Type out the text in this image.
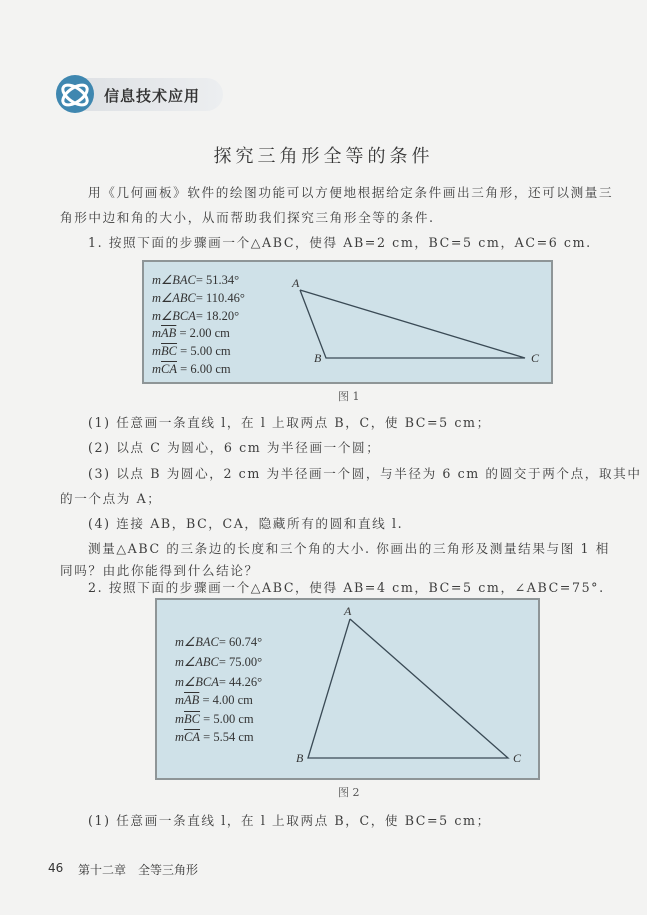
信息技术应用
探究三角形全等的条件
用《几何画板》软件的绘图功能可以方便地根据给定条件画出三角形，还可以测量三
角形中边和角的大小，从而帮助我们探究三角形全等的条件.
1. 按照下面的步骤画一个△ABC，使得 AB=2 cm，BC=5 cm，AC=6 cm.
A
B	C
m∠BAC= 51.34°
m∠ABC= 110.46°
m∠BCA= 18.20°
$m\overline{AB} = 2.00$ cm
$m\overline{BC} = 5.00$ cm
$m\overline{CA} = 6.00$ cm
图 1
(1) 任意画一条直线 l，在 l 上取两点 B，C，使 BC=5 cm；
(2) 以点 C 为圆心，6 cm 为半径画一个圆；
(3) 以点 B 为圆心，2 cm 为半径画一个圆，与半径为 6 cm 的圆交于两个点，取其中
的一个点为 A；
(4) 连接 AB，BC，CA，隐藏所有的圆和直线 l.
测量△ABC 的三条边的长度和三个角的大小. 你画出的三角形及测量结果与图 1 相
同吗？由此你能得到什么结论？
2. 按照下面的步骤画一个△ABC，使得 AB=4 cm，BC=5 cm，∠ABC=75°.
A
B	C
m∠BAC= 60.74°
m∠ABC= 75.00°
m∠BCA= 44.26°
$m\overline{AB} = 4.00$ cm
$m\overline{BC} = 5.00$ cm
$m\overline{CA} = 5.54$ cm
图 2
(1) 任意画一条直线 l，在 l 上取两点 B，C，使 BC=5 cm；
46 第十二章　全等三角形
